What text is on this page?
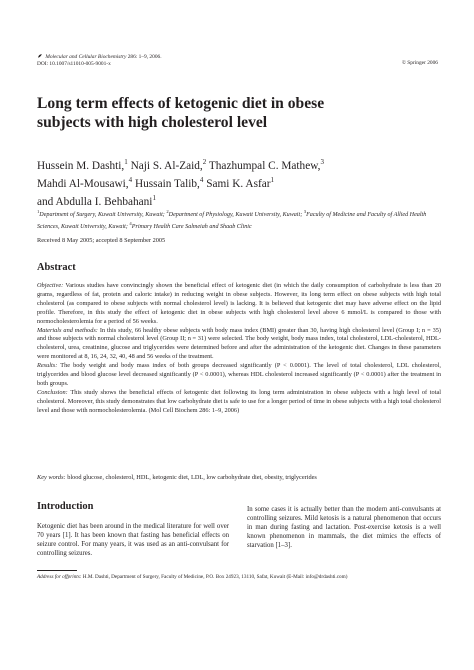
Molecular and Cellular Biochemistry 286: 1–9, 2006.
DOI: 10.1007/s11010-005-9001-x	© Springer 2006
Long term effects of ketogenic diet in obese
subjects with high cholesterol level
Hussein M. Dashti,$^1$ Naji S. Al-Zaid,$^2$ Thazhumpal C. Mathew,$^3$
Mahdi Al-Mousawi,$^4$ Hussain Talib,$^4$ Sami K. Asfar$^1$
and Abdulla I. Behbahani$^1$
$^1$Department of Surgery, Kuwait University, Kuwait; $^2$Department of Physiology, Kuwait University, Kuwait; $^3$Faculty of Medicine and Faculty of Allied Health Sciences, Kuwait University, Kuwait; $^4$Primary Health Care Salmeiah and Shaab Clinic
Received 8 May 2005; accepted 8 September 2005
Abstract

Objective: Various studies have convincingly shown the beneficial effect of ketogenic diet (in which the daily consumption of carbohydrate is less than 20 grams, regardless of fat, protein and caloric intake) in reducing weight in obese subjects. However, its long term effect on obese subjects with high total cholesterol (as compared to obese subjects with normal cholesterol level) is lacking. It is believed that ketogenic diet may have adverse effect on the lipid profile. Therefore, in this study the effect of ketogenic diet in obese subjects with high cholesterol level above 6 mmol/L is compared to those with normocholesterolemia for a period of 56 weeks.

Materials and methods: In this study, 66 healthy obese subjects with body mass index (BMI) greater than 30, having high cholesterol level (Group I; n = 35) and those subjects with normal cholesterol level (Group II; n = 31) were selected. The body weight, body mass index, total cholesterol, LDL-cholesterol, HDL-cholesterol, urea, creatinine, glucose and triglycerides were determined before and after the administration of the ketogenic diet. Changes in these parameters were monitored at 8, 16, 24, 32, 40, 48 and 56 weeks of the treatment.

Results: The body weight and body mass index of both groups decreased significantly (P < 0.0001). The level of total cholesterol, LDL cholesterol, triglycerides and blood glucose level decreased significantly (P < 0.0001), whereas HDL cholesterol increased significantly (P < 0.0001) after the treatment in both groups.

Conclusion: This study shows the beneficial effects of ketogenic diet following its long term administration in obese subjects with a high level of total cholesterol. Moreover, this study demonstrates that low carbohydrate diet is safe to use for a longer period of time in obese subjects with a high total cholesterol level and those with normocholesterolemia. (Mol Cell Biochem 286: 1–9, 2006)

Key words: blood glucose, cholesterol, HDL, ketogenic diet, LDL, low carbohydrate diet, obesity, triglycerides
Introduction
Ketogenic diet has been around in the medical literature for well over 70 years [1]. It has been known that fasting has beneficial effects on seizure control. For many years, it was used as an anti-convulsant for controlling seizures.
In some cases it is actually better than the modern anti-convulsants at controlling seizures. Mild ketosis is a natural phenomenon that occurs in man during fasting and lactation. Post-exercise ketosis is a well known phenomenon in mammals, the diet mimics the effects of starvation [1–3].
Address for offprints: H.M. Dashti, Department of Surgery, Faculty of Medicine, P.O. Box 24923, 13110, Safat, Kuwait (E-Mail: info@drdashti.com)
